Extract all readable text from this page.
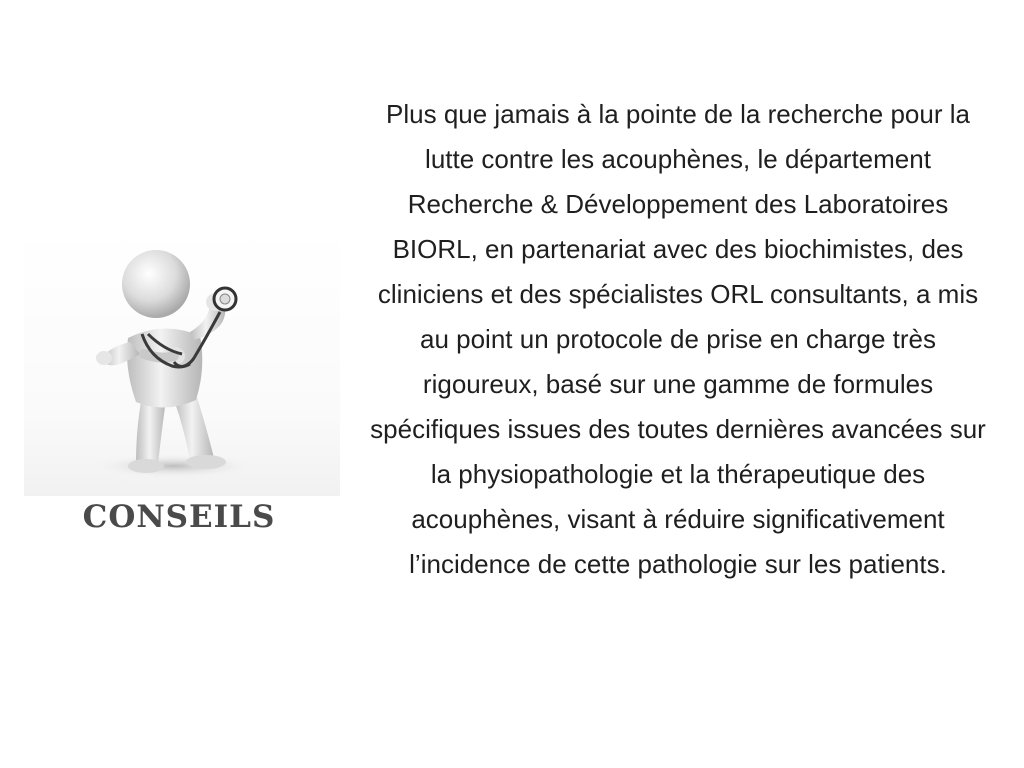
CONSEILS

Plus que jamais à la pointe de la recherche pour la lutte contre les acouphènes, le département Recherche & Développement des Laboratoires BIORL, en partenariat avec des biochimistes, des cliniciens et des spécialistes ORL consultants, a mis au point un protocole de prise en charge très rigoureux, basé sur une gamme de formules spécifiques issues des toutes dernières avancées sur la physiopathologie et la thérapeutique des acouphènes, visant à réduire significativement l’incidence de cette pathologie sur les patients.
